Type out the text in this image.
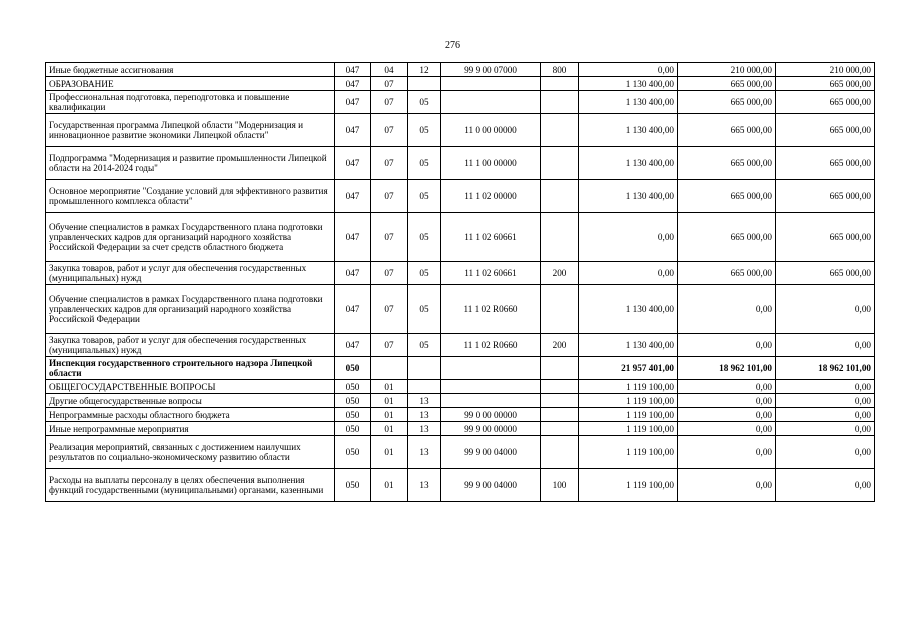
276
Иные бюджетные ассигнования	047	04	12	99 9 00 07000	800	0,00	210 000,00	210 000,00
ОБРАЗОВАНИЕ	047	07				1 130 400,00	665 000,00	665 000,00
Профессиональная подготовка, переподготовка и повышение квалификации	047	07	05			1 130 400,00	665 000,00	665 000,00
Государственная программа Липецкой области "Модернизация и инновационное развитие экономики Липецкой области"	047	07	05	11 0 00 00000		1 130 400,00	665 000,00	665 000,00
Подпрограмма "Модернизация и развитие промышленности Липецкой области на 2014-2024 годы"	047	07	05	11 1 00 00000		1 130 400,00	665 000,00	665 000,00
Основное мероприятие "Создание условий для эффективного развития промышленного комплекса области"	047	07	05	11 1 02 00000		1 130 400,00	665 000,00	665 000,00
Обучение специалистов в рамках Государственного плана подготовки управленческих кадров для организаций народного хозяйства Российской Федерации за счет средств областного бюджета	047	07	05	11 1 02 60661		0,00	665 000,00	665 000,00
Закупка товаров, работ и услуг для обеспечения государственных (муниципальных) нужд	047	07	05	11 1 02 60661	200	0,00	665 000,00	665 000,00
Обучение специалистов в рамках Государственного плана подготовки управленческих кадров для организаций народного хозяйства Российской Федерации	047	07	05	11 1 02 R0660		1 130 400,00	0,00	0,00
Закупка товаров, работ и услуг для обеспечения государственных (муниципальных) нужд	047	07	05	11 1 02 R0660	200	1 130 400,00	0,00	0,00
Инспекция государственного строительного надзора Липецкой области	050					21 957 401,00	18 962 101,00	18 962 101,00
ОБЩЕГОСУДАРСТВЕННЫЕ ВОПРОСЫ	050	01				1 119 100,00	0,00	0,00
Другие общегосударственные вопросы	050	01	13			1 119 100,00	0,00	0,00
Непрограммные расходы областного бюджета	050	01	13	99 0 00 00000		1 119 100,00	0,00	0,00
Иные непрограммные мероприятия	050	01	13	99 9 00 00000		1 119 100,00	0,00	0,00
Реализация мероприятий, связанных с достижением наилучших результатов по социально-экономическому развитию области	050	01	13	99 9 00 04000		1 119 100,00	0,00	0,00
Расходы на выплаты персоналу в целях обеспечения выполнения функций государственными (муниципальными) органами, казенными	050	01	13	99 9 00 04000	100	1 119 100,00	0,00	0,00
